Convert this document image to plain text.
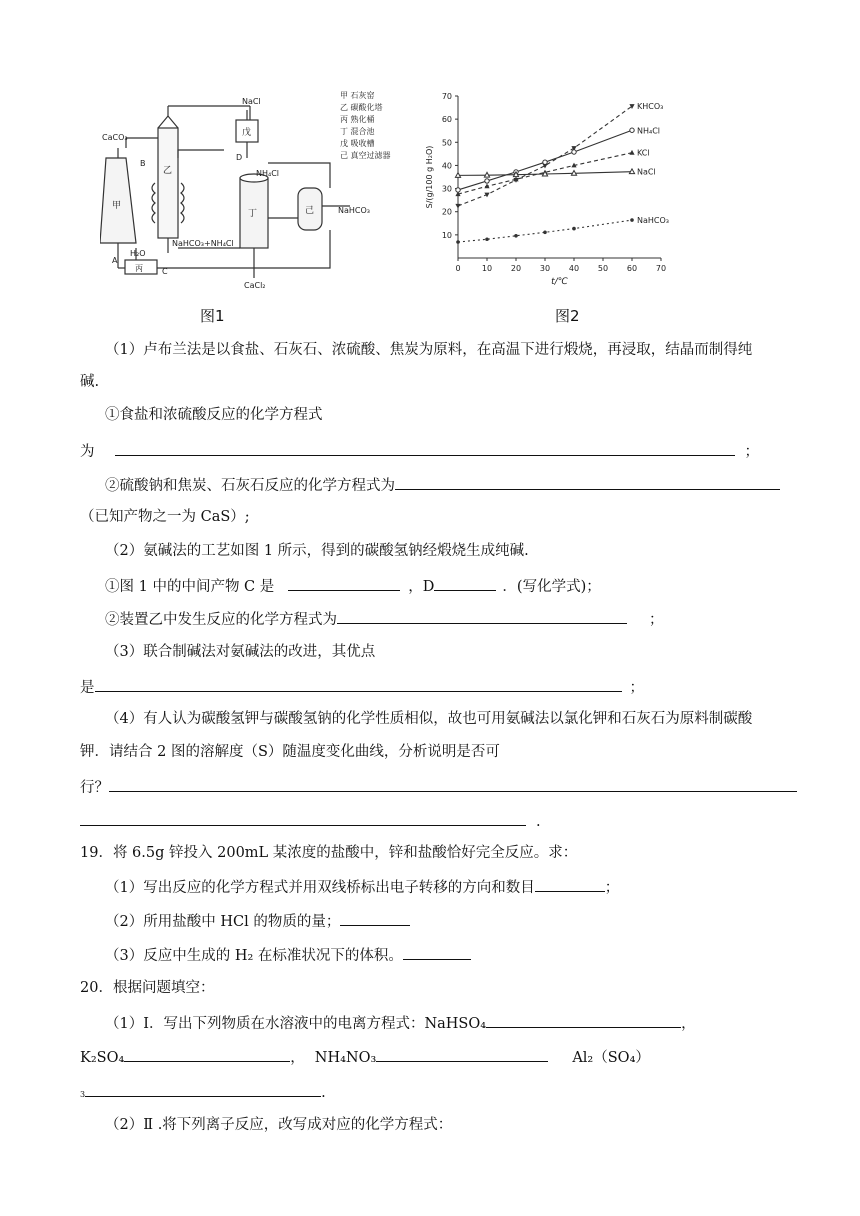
CaCO₃
NaCl
戊
乙
甲
丁	己
丙
H₂O
NH₄Cl
NaHCO₃
NaHCO₃+NH₄Cl
CaCl₂
A
B
C
D
甲 石灰窑
乙 碳酸化塔
丙 熟化桶
丁 混合池
戊 吸收槽
己 真空过滤器
图1
0	10 20 30 40 50 60 70
10
20
30
40
50
60
70
t/℃
S/(g/100 g H₂O)
KHCO₃
NH₄Cl
KCl
NaCl
NaHCO₃
图2
（1）卢布兰法是以食盐、石灰石、浓硫酸、焦炭为原料，在高温下进行煅烧，再浸取，结晶而制得纯
碱.
①食盐和浓硫酸反应的化学方程式
为	；
②硫酸钠和焦炭、石灰石反应的化学方程式为
（已知产物之一为 CaS）;
（2）氨碱法的工艺如图 1 所示，得到的碳酸氢钠经煅烧生成纯碱.
①图 1 中的中间产物 C 是	，D	．(写化学式)；
②装置乙中发生反应的化学方程式为	；
（3）联合制碱法对氨碱法的改进，其优点
是	；
（4）有人认为碳酸氢钾与碳酸氢钠的化学性质相似，故也可用氨碱法以氯化钾和石灰石为原料制碳酸
钾．请结合 2 图的溶解度（S）随温度变化曲线，分析说明是否可
行？
.
19．将 6.5g 锌投入 200mL 某浓度的盐酸中，锌和盐酸恰好完全反应。求：
（1）写出反应的化学方程式并用双线桥标出电子转移的方向和数目	；
（2）所用盐酸中 HCl 的物质的量；
（3）反应中生成的 H₂ 在标准状况下的体积。
20．根据问题填空：
（1）Ⅰ．写出下列物质在水溶液中的电离方程式：NaHSO₄	，
K₂SO₄	， NH₄NO₃	Al₂（SO₄）
3	.
（2）Ⅱ .将下列离子反应，改写成对应的化学方程式：
